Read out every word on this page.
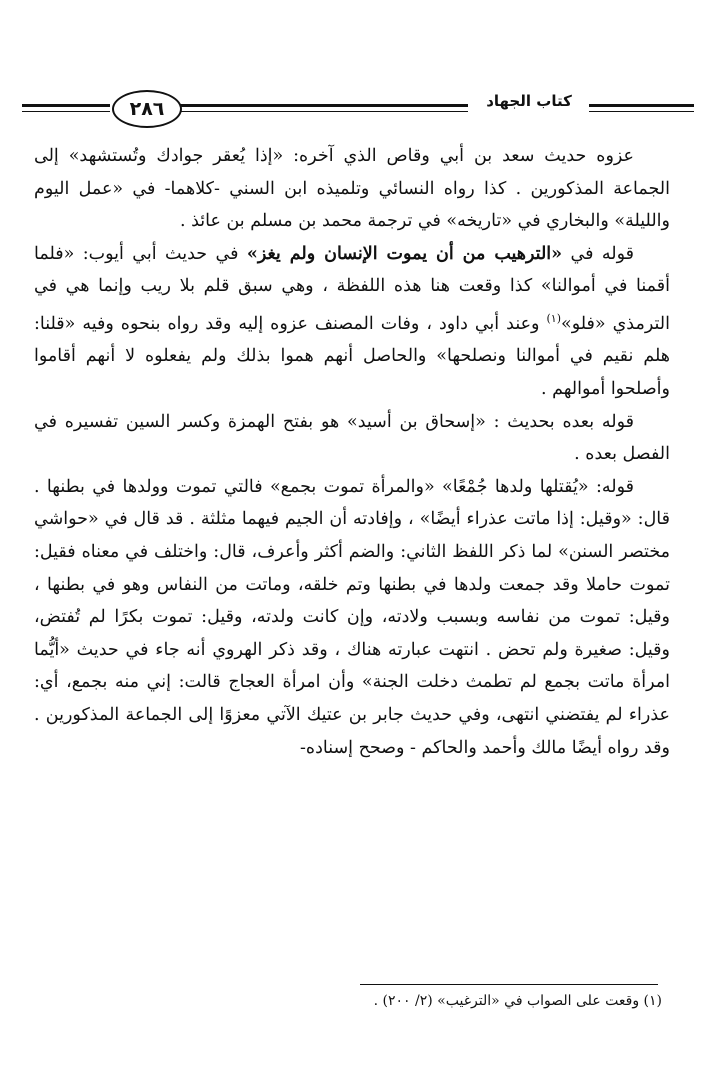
٢٨٦	كتاب الجهاد

عزوه حديث سعد بن أبي وقاص الذي آخره: «إذا يُعقر جوادك وتُستشهد» إلى الجماعة المذكورين . كذا رواه النسائي وتلميذه ابن السني -كلاهما- في «عمل اليوم والليلة» والبخاري في «تاريخه» في ترجمة محمد بن مسلم بن عائذ .

قوله في «الترهيب من أن يموت الإنسان ولم يغز» في حديث أبي أيوب: «فلما أقمنا في أموالنا» كذا وقعت هنا هذه اللفظة ، وهي سبق قلم بلا ريب وإنما هي في الترمذي «فلو»$^{(١)}$ وعند أبي داود ، وفات المصنف عزوه إليه وقد رواه بنحوه وفيه «قلنا: هلم نقيم في أموالنا ونصلحها» والحاصل أنهم هموا بذلك ولم يفعلوه لا أنهم أقاموا وأصلحوا أموالهم .

قوله بعده بحديث : «إسحاق بن أسيد» هو بفتح الهمزة وكسر السين تفسيره في الفصل بعده .

قوله: «يُقتلها ولدها جُمْعًا» «والمرأة تموت بجمع» فالتي تموت وولدها في بطنها . قال: «وقيل: إذا ماتت عذراء أيضًا» ، وإفادته أن الجيم فيهما مثلثة . قد قال في «حواشي مختصر السنن» لما ذكر اللفظ الثاني: والضم أكثر وأعرف، قال: واختلف في معناه فقيل: تموت حاملا وقد جمعت ولدها في بطنها وتم خلقه، وماتت من النفاس وهو في بطنها ، وقيل: تموت من نفاسه وبسبب ولادته، وإن كانت ولدته، وقيل: تموت بكرًا لم تُفتض، وقيل: صغيرة ولم تحض . انتهت عبارته هناك ، وقد ذكر الهروي أنه جاء في حديث «أيُّما امرأة ماتت بجمع لم تطمث دخلت الجنة» وأن امرأة العجاج قالت: إني منه بجمع، أي: عذراء لم يفتضني انتهى، وفي حديث جابر بن عتيك الآتي معزوًا إلى الجماعة المذكورين . وقد رواه أيضًا مالك وأحمد والحاكم - وصحح إسناده-

(١) وقعت على الصواب في «الترغيب» (٢/ ٢٠٠) .
